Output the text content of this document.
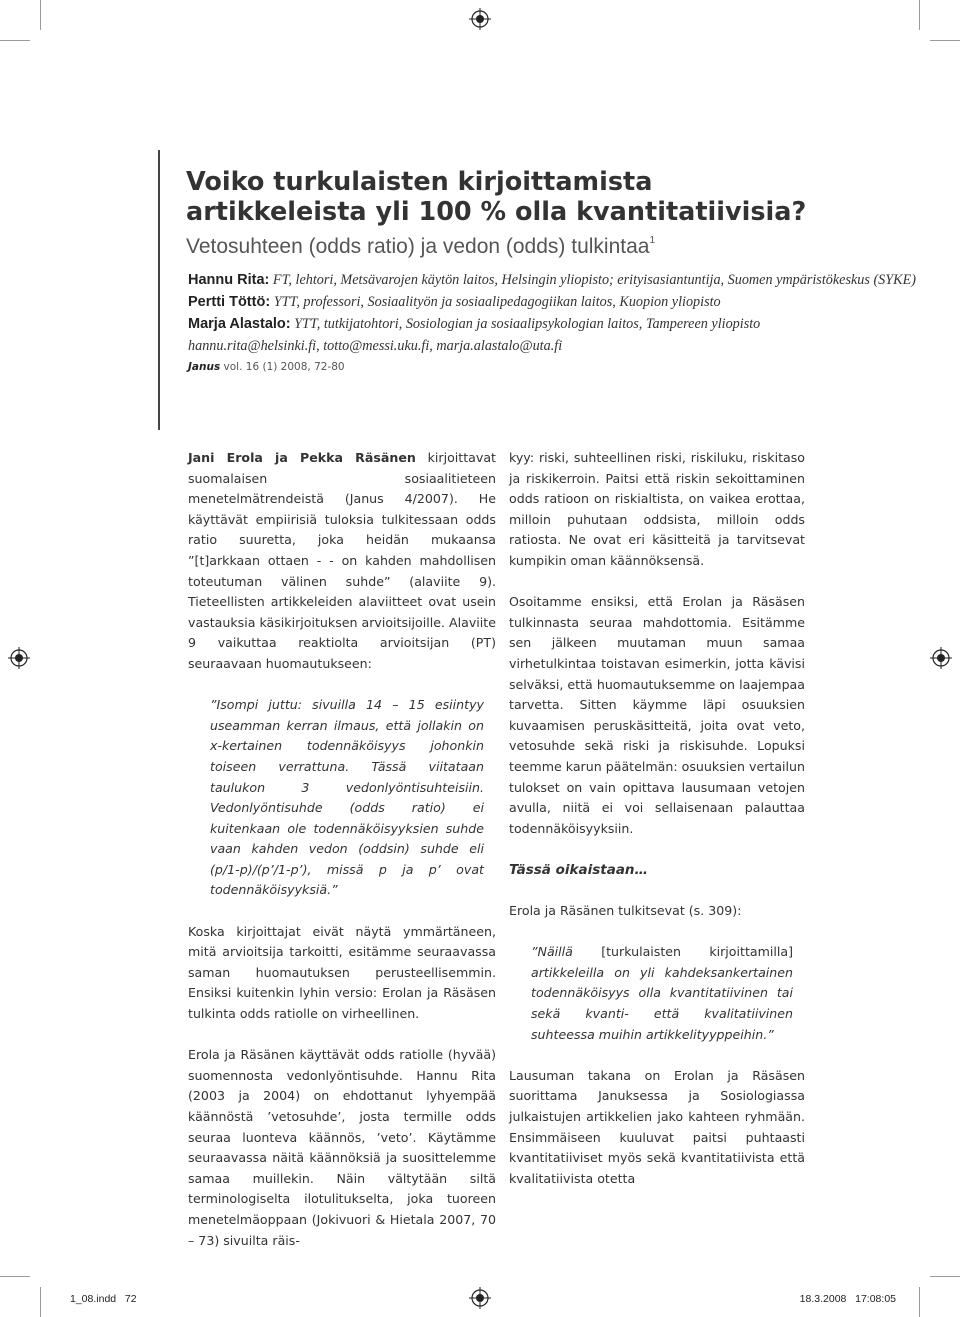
Voiko turkulaisten kirjoittamista artikkeleista yli 100 % olla kvantitatiivisia?
Vetosuhteen (odds ratio) ja vedon (odds) tulkintaa$^1$
Hannu Rita: FT, lehtori, Metsävarojen käytön laitos, Helsingin yliopisto; erityisasiantuntija, Suomen ympäristökeskus (SYKE)
Pertti Töttö: YTT, professori, Sosiaalityön ja sosiaalipedagogiikan laitos, Kuopion yliopisto
Marja Alastalo: YTT, tutkijatohtori, Sosiologian ja sosiaalipsykologian laitos, Tampereen yliopisto
hannu.rita@helsinki.fi, totto@messi.uku.fi, marja.alastalo@uta.fi
Janus vol. 16 (1) 2008, 72-80

Jani Erola ja Pekka Räsänen kirjoittavat suomalaisen sosiaalitieteen menetelmätrendeistä (Janus 4/2007). He käyttävät empiirisiä tuloksia tulkitessaan odds ratio suuretta, joka heidän mukaansa ”[t]arkkaan ottaen - - on kahden mahdollisen toteutuman välinen suhde” (alaviite 9). Tieteellisten artikkeleiden alaviitteet ovat usein vastauksia käsikirjoituksen arvioitsijoille. Alaviite 9 vaikuttaa reaktiolta arvioitsijan (PT) seuraavaan huomautukseen:

”Isompi juttu: sivuilla 14 – 15 esiintyy useamman kerran ilmaus, että jollakin on x-kertainen todennäköisyys johonkin toiseen verrattuna. Tässä viitataan taulukon 3 vedonlyöntisuhteisiin. Vedonlyöntisuhde (odds ratio) ei kuitenkaan ole todennäköisyyksien suhde vaan kahden vedon (oddsin) suhde eli (p/1-p)/(p’/1-p’), missä p ja p’ ovat todennäköisyyksiä.”

Koska kirjoittajat eivät näytä ymmärtäneen, mitä arvioitsija tarkoitti, esitämme seuraavassa saman huomautuksen perusteellisemmin. Ensiksi kuitenkin lyhin versio: Erolan ja Räsäsen tulkinta odds ratiolle on virheellinen.

Erola ja Räsänen käyttävät odds ratiolle (hyvää) suomennosta vedonlyöntisuhde. Hannu Rita (2003 ja 2004) on ehdottanut lyhyempää käännöstä ’vetosuhde’, josta termille odds seuraa luonteva käännös, ’veto’. Käytämme seuraavassa näitä käännöksiä ja suosittelemme samaa muillekin. Näin vältytään siltä terminologiselta ilotulitukselta, joka tuoreen menetelmäoppaan (Jokivuori & Hietala 2007, 70 – 73) sivuilta räis-

kyy: riski, suhteellinen riski, riskiluku, riskitaso ja riskikerroin. Paitsi että riskin sekoittaminen odds ratioon on riskialtista, on vaikea erottaa, milloin puhutaan oddsista, milloin odds ratiosta. Ne ovat eri käsitteitä ja tarvitsevat kumpikin oman käännöksensä.

Osoitamme ensiksi, että Erolan ja Räsäsen tulkinnasta seuraa mahdottomia. Esitämme sen jälkeen muutaman muun samaa virhetulkintaa toistavan esimerkin, jotta kävisi selväksi, että huomautuksemme on laajempaa tarvetta. Sitten käymme läpi osuuksien kuvaamisen peruskäsitteitä, joita ovat veto, vetosuhde sekä riski ja riskisuhde. Lopuksi teemme karun päätelmän: osuuksien vertailun tulokset on vain opittava lausumaan vetojen avulla, niitä ei voi sellaisenaan palauttaa todennäköisyyksiin.

Tässä oikaistaan…

Erola ja Räsänen tulkitsevat (s. 309):

”Näillä [turkulaisten kirjoittamilla] artikkeleilla on yli kahdeksankertainen todennäköisyys olla kvantitatiivinen tai sekä kvanti- että kvalitatiivinen suhteessa muihin artikkelityyppeihin.”

Lausuman takana on Erolan ja Räsäsen suorittama Januksessa ja Sosiologiassa julkaistujen artikkelien jako kahteen ryhmään. Ensimmäiseen kuuluvat paitsi puhtaasti kvantitatiiviset myös sekä kvantitatiivista että kvalitatiivista otetta

1_08.indd   72	18.3.2008   17:08:05
